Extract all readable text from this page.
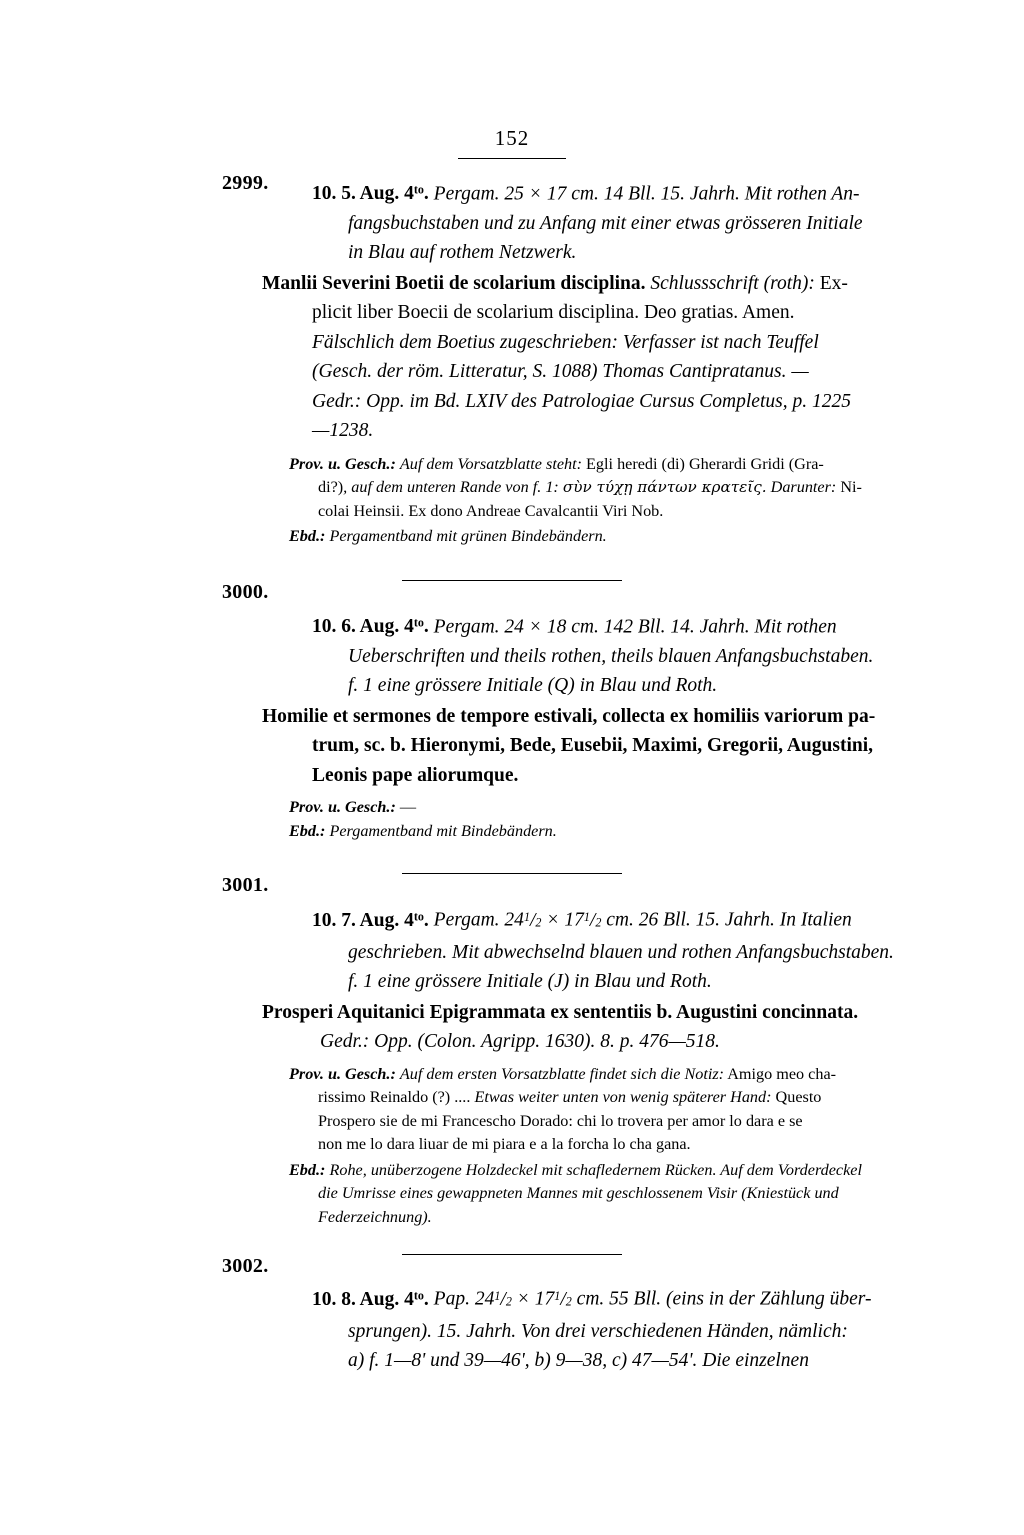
152
2999. 10. 5. Aug. $4^{to}$. Pergam. 25 × 17 cm. 14 Bll. 15. Jahrh. Mit rothen An-
fangsbuchstaben und zu Anfang mit einer etwas grösseren Initiale
in Blau auf rothem Netzwerk.
Manlii Severini Boetii de scolarium disciplina. Schlussschrift (roth): Ex-
plicit liber Boecii de scolarium disciplina. Deo gratias. Amen.
Fälschlich dem Boetius zugeschrieben: Verfasser ist nach Teuffel
(Gesch. der röm. Litteratur, S. 1088) Thomas Cantipratanus. —
Gedr.: Opp. im Bd. LXIV des Patrologiae Cursus Completus, p. 1225
—1238.
Prov. u. Gesch.: Auf dem Vorsatzblatte steht: Egli heredi (di) Gherardi Gridi (Gra-
di?), auf dem unteren Rande von f. 1: σὺν τύχῃ πάντων κρατεῖς. Darunter: Ni-
colai Heinsii. Ex dono Andreae Cavalcantii Viri Nob.
Ebd.: Pergamentband mit grünen Bindebändern.
3000.
10. 6. Aug. $4^{to}$. Pergam. 24 × 18 cm. 142 Bll. 14. Jahrh. Mit rothen
Ueberschriften und theils rothen, theils blauen Anfangsbuchstaben.
f. 1 eine grössere Initiale (Q) in Blau und Roth.
Homilie et sermones de tempore estivali, collecta ex homiliis variorum pa-
trum, sc. b. Hieronymi, Bede, Eusebii, Maximi, Gregorii, Augustini,
Leonis pape aliorumque.
Prov. u. Gesch.: —
Ebd.: Pergamentband mit Bindebändern.
3001.
10. 7. Aug. $4^{to}$. Pergam. $24^1/_2 \times 17^1/_2$ cm. 26 Bll. 15. Jahrh. In Italien
geschrieben. Mit abwechselnd blauen und rothen Anfangsbuchstaben.
f. 1 eine grössere Initiale (J) in Blau und Roth.
Prosperi Aquitanici Epigrammata ex sententiis b. Augustini concinnata.
Gedr.: Opp. (Colon. Agripp. 1630). 8. p. 476—518.
Prov. u. Gesch.: Auf dem ersten Vorsatzblatte findet sich die Notiz: Amigo meo cha-
rissimo Reinaldo (?) .... Etwas weiter unten von wenig späterer Hand: Questo
Prospero sie de mi Francescho Dorado: chi lo trovera per amor lo dara e se
non me lo dara liuar de mi piara e a la forcha lo cha gana.
Ebd.: Rohe, unüberzogene Holzdeckel mit schafledernem Rücken. Auf dem Vorderdeckel
die Umrisse eines gewappneten Mannes mit geschlossenem Visir (Kniestück und
Federzeichnung).
3002.
10. 8. Aug. $4^{to}$. Pap. $24^1/_2 \times 17^1/_2$ cm. 55 Bll. (eins in der Zählung über-
sprungen). 15. Jahrh. Von drei verschiedenen Händen, nämlich:
a) f. 1—8' und 39—46', b) 9—38, c) 47—54'. Die einzelnen
